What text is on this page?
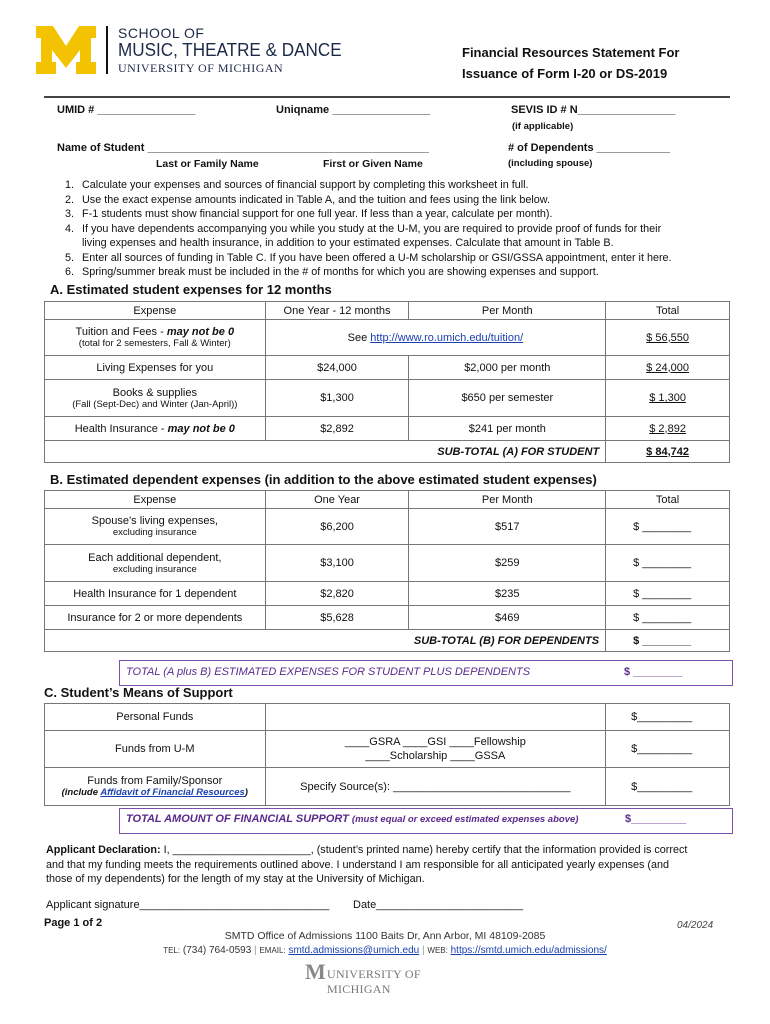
SCHOOL OF
MUSIC, THEATRE & DANCE
UNIVERSITY OF MICHIGAN
Financial Resources Statement For
Issuance of Form I-20 or DS-2019
UMID # ________________	Uniqname ________________	SEVIS ID # N________________
(if applicable)
Name of Student ______________________________________________
Last or Family Name	First or Given Name
# of Dependents ____________
(including spouse)
1. Calculate your expenses and sources of financial support by completing this worksheet in full.
2. Use the exact expense amounts indicated in Table A, and the tuition and fees using the link below.
3. F-1 students must show financial support for one full year. If less than a year, calculate per month).
4. If you have dependents accompanying you while you study at the U-M, you are required to provide proof of funds for their
living expenses and health insurance, in addition to your estimated expenses. Calculate that amount in Table B.
5. Enter all sources of funding in Table C. If you have been offered a U-M scholarship or GSI/GSSA appointment, enter it here.
6. Spring/summer break must be included in the # of months for which you are showing expenses and support.
A. Estimated student expenses for 12 months
Expense	One Year - 12 months	Per Month	Total
Tuition and Fees - may not be 0
(total for 2 semesters, Fall & Winter)	See http://www.ro.umich.edu/tuition/		$ 56,550
Living Expenses for you	$24,000	$2,000 per month	$ 24,000
Books & supplies
(Fall (Sept-Dec) and Winter (Jan-April))	$1,300	$650 per semester	$ 1,300
Health Insurance - may not be 0	$2,892	$241 per month	$ 2,892
SUB-TOTAL (A) FOR STUDENT			$ 84,742
B. Estimated dependent expenses (in addition to the above estimated student expenses)
Expense	One Year	Per Month	Total
Spouse’s living expenses,
excluding insurance	$6,200	$517	$ ________
Each additional dependent,
excluding insurance	$3,100	$259	$ ________
Health Insurance for 1 dependent	$2,820	$235	$ ________
Insurance for 2 or more dependents	$5,628	$469	$ ________
SUB-TOTAL (B) FOR DEPENDENTS			$ ________
TOTAL (A plus B) ESTIMATED EXPENSES FOR STUDENT PLUS DEPENDENTS	$ ________
C. Student’s Means of Support
Personal Funds		$_________
Funds from U-M	____GSRA ____GSI ____Fellowship
____Scholarship ____GSSA	$_________
Funds from Family/Sponsor
(include Affidavit of Financial Resources)	Specify Source(s): _____________________________	$_________
TOTAL AMOUNT OF FINANCIAL SUPPORT (must equal or exceed estimated expenses above)	$_________
Applicant Declaration: I, _______________________, (student’s printed name) hereby certify that the information provided is correct
and that my funding meets the requirements outlined above. I understand I am responsible for all anticipated yearly expenses (and
those of my dependents) for the length of my stay at the University of Michigan.
Applicant signature_______________________________ Date________________________
Page 1 of 2	04/2024
SMTD Office of Admissions 1100 Baits Dr, Ann Arbor, MI 48109-2085
TEL: (734) 764-0593 | EMAIL: smtd.admissions@umich.edu | WEB: https://smtd.umich.edu/admissions/
M UNIVERSITY OF MICHIGAN
